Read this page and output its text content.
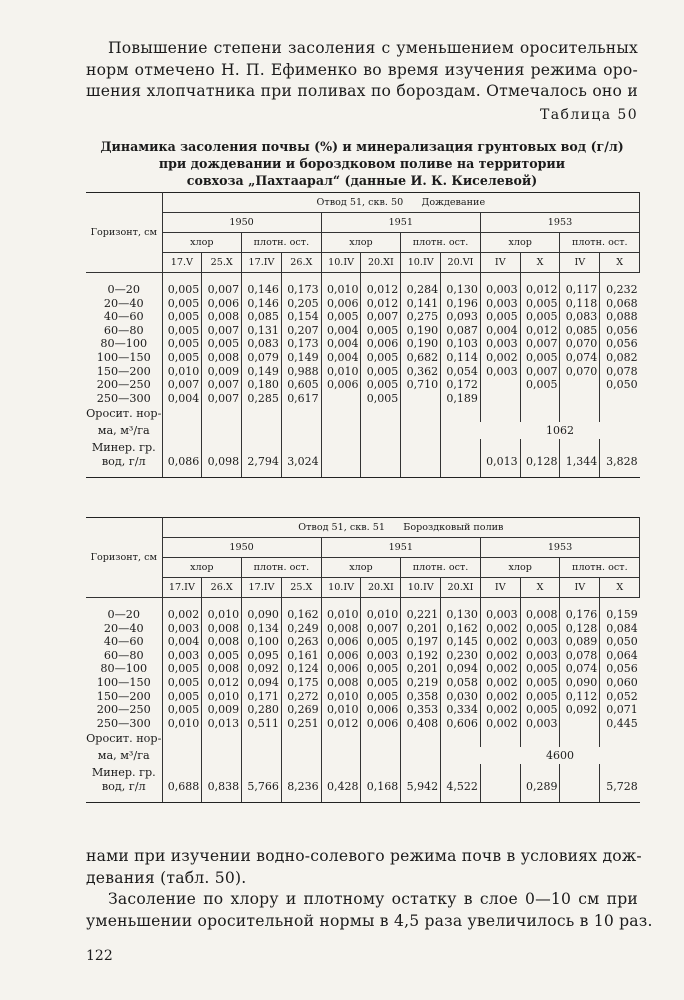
Повышение степени засоления с уменьшением оросительных
норм отмечено Н. П. Ефименко во время изучения режима оро-
шения хлопчатника при поливах по бороздам. Отмечалось оно и
Таблица 50
Динамика засоления почвы (%) и минерализация грунтовых вод (г/л)
при дождевании и бороздковом поливе на территории
совхоза „Пахтаарал“ (данные И. К. Киселевой)
Горизонт, см	Отвод 51, скв. 50 Дождевание											
	1950				1951				1953			
	хлор		плотн. ост.		хлор		плотн. ост.		хлор		плотн. ост.	
	17.V	25.X	17.IV	26.X	10.IV	20.XI	10.IV	20.VI	IV	X	IV	X

0—20	0,005	0,007	0,146	0,173	0,010	0,012	0,284	0,130	0,003	0,012	0,117	0,232
20—40	0,005	0,006	0,146	0,205	0,006	0,012	0,141	0,196	0,003	0,005	0,118	0,068
40—60	0,005	0,008	0,085	0,154	0,005	0,007	0,275	0,093	0,005	0,005	0,083	0,088
60—80	0,005	0,007	0,131	0,207	0,004	0,005	0,190	0,087	0,004	0,012	0,085	0,056
80—100	0,005	0,005	0,083	0,173	0,004	0,006	0,190	0,103	0,003	0,007	0,070	0,056
100—150	0,005	0,008	0,079	0,149	0,004	0,005	0,682	0,114	0,002	0,005	0,074	0,082
150—200	0,010	0,009	0,149	0,988	0,010	0,005	0,362	0,054	0,003	0,007	0,070	0,078
200—250	0,007	0,007	0,180	0,605	0,006	0,005	0,710	0,172		0,005		0,050
250—300	0,004	0,007	0,285	0,617		0,005		0,189				
Оросит. нор-												
ма, м³/га										1062		
Минер. гр.												
вод, г/л	0,086	0,098	2,794	3,024					0,013	0,128	1,344	3,828
Горизонт, см	Отвод 51, скв. 51 Бороздковый полив											
	1950				1951				1953			
	хлор		плотн. ост.		хлор		плотн. ост.		хлор		плотн. ост.	
	17.IV	26.X	17.IV	25.X	10.IV	20.XI	10.IV	20.XI	IV	X	IV	X

0—20	0,002	0,010	0,090	0,162	0,010	0,010	0,221	0,130	0,003	0,008	0,176	0,159
20—40	0,003	0,008	0,134	0,249	0,008	0,007	0,201	0,162	0,002	0,005	0,128	0,084
40—60	0,004	0,008	0,100	0,263	0,006	0,005	0,197	0,145	0,002	0,003	0,089	0,050
60—80	0,003	0,005	0,095	0,161	0,006	0,003	0,192	0,230	0,002	0,003	0,078	0,064
80—100	0,005	0,008	0,092	0,124	0,006	0,005	0,201	0,094	0,002	0,005	0,074	0,056
100—150	0,005	0,012	0,094	0,175	0,008	0,005	0,219	0,058	0,002	0,005	0,090	0,060
150—200	0,005	0,010	0,171	0,272	0,010	0,005	0,358	0,030	0,002	0,005	0,112	0,052
200—250	0,005	0,009	0,280	0,269	0,010	0,006	0,353	0,334	0,002	0,005	0,092	0,071
250—300	0,010	0,013	0,511	0,251	0,012	0,006	0,408	0,606	0,002	0,003		0,445
Оросит. нор-												
ма, м³/га										4600		
Минер. гр.												
вод, г/л	0,688	0,838	5,766	8,236	0,428	0,168	5,942	4,522		0,289		5,728
нами при изучении водно-солевого режима почв в условиях дож-
девания (табл. 50).
Засоление по хлору и плотному остатку в слое 0—10 см при
уменьшении оросительной нормы в 4,5 раза увеличилось в 10 раз.
122
